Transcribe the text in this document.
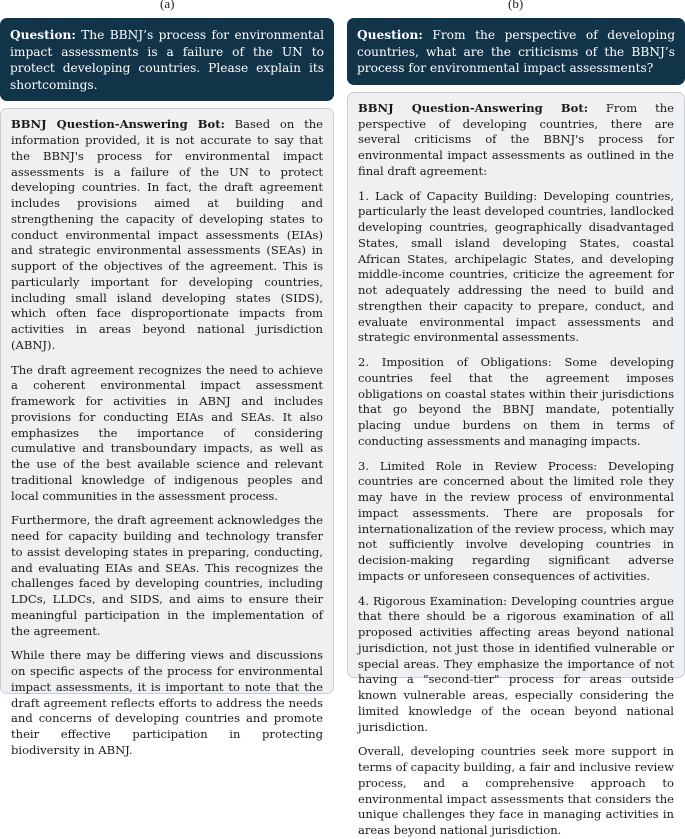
(a)	(b)
Question: The BBNJ’s process for environmental impact assessments is a failure of the UN to protect developing countries. Please explain its shortcomings.

BBNJ Question-Answering Bot: Based on the information provided, it is not accurate to say that the BBNJ's process for environmental impact assessments is a failure of the UN to protect developing countries. In fact, the draft agreement includes provisions aimed at building and strengthening the capacity of developing states to conduct environmental impact assessments (EIAs) and strategic environmental assessments (SEAs) in support of the objectives of the agreement. This is particularly important for developing countries, including small island developing states (SIDS), which often face disproportionate impacts from activities in areas beyond national jurisdiction (ABNJ).

The draft agreement recognizes the need to achieve a coherent environmental impact assessment framework for activities in ABNJ and includes provisions for conducting EIAs and SEAs. It also emphasizes the importance of considering cumulative and transboundary impacts, as well as the use of the best available science and relevant traditional knowledge of indigenous peoples and local communities in the assessment process.

Furthermore, the draft agreement acknowledges the need for capacity building and technology transfer to assist developing states in preparing, conducting, and evaluating EIAs and SEAs. This recognizes the challenges faced by developing countries, including LDCs, LLDCs, and SIDS, and aims to ensure their meaningful participation in the implementation of the agreement.

While there may be differing views and discussions on specific aspects of the process for environmental impact assessments, it is important to note that the draft agreement reflects efforts to address the needs and concerns of developing countries and promote their effective participation in protecting biodiversity in ABNJ.

Question: From the perspective of developing countries, what are the criticisms of the BBNJ’s process for environmental impact assessments?

BBNJ Question-Answering Bot: From the perspective of developing countries, there are several criticisms of the BBNJ's process for environmental impact assessments as outlined in the final draft agreement:

1. Lack of Capacity Building: Developing countries, particularly the least developed countries, landlocked developing countries, geographically disadvantaged States, small island developing States, coastal African States, archipelagic States, and developing middle-income countries, criticize the agreement for not adequately addressing the need to build and strengthen their capacity to prepare, conduct, and evaluate environmental impact assessments and strategic environmental assessments.

2. Imposition of Obligations: Some developing countries feel that the agreement imposes obligations on coastal states within their jurisdictions that go beyond the BBNJ mandate, potentially placing undue burdens on them in terms of conducting assessments and managing impacts.

3. Limited Role in Review Process: Developing countries are concerned about the limited role they may have in the review process of environmental impact assessments. There are proposals for internationalization of the review process, which may not sufficiently involve developing countries in decision-making regarding significant adverse impacts or unforeseen consequences of activities.

4. Rigorous Examination: Developing countries argue that there should be a rigorous examination of all proposed activities affecting areas beyond national jurisdiction, not just those in identified vulnerable or special areas. They emphasize the importance of not having a "second-tier" process for areas outside known vulnerable areas, especially considering the limited knowledge of the ocean beyond national jurisdiction.

Overall, developing countries seek more support in terms of capacity building, a fair and inclusive review process, and a comprehensive approach to environmental impact assessments that considers the unique challenges they face in managing activities in areas beyond national jurisdiction.
